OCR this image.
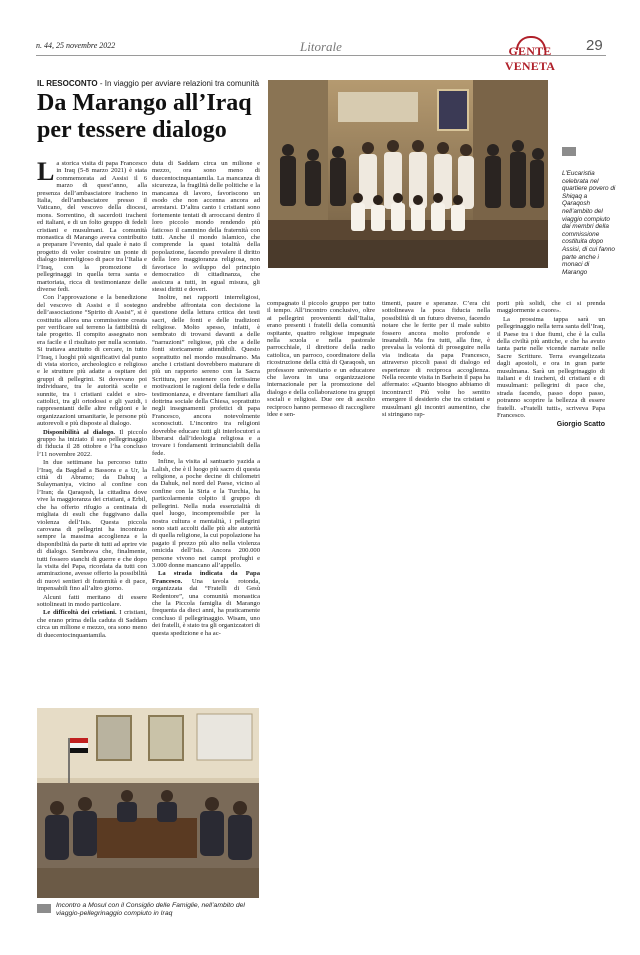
n. 44, 25 novembre 2022	Litorale	GENTE VENETA
29
IL RESOCONTO - In viaggio per avviare relazioni tra comunità
Da Marango all’Iraq per tessere dialogo

La storica visita di papa Francesco in Iraq (5-8 marzo 2021) è stata commemorata ad Assisi il 6 marzo di quest’anno, alla presenza dell’ambasciatore iracheno in Italia, dell’ambasciatore presso il Vaticano, del vescovo della diocesi, mons. Sorrentino, di sacerdoti iracheni ed italiani, e di un folto gruppo di fedeli cristiani e musulmani. La comunità monastica di Marango aveva contribuito a preparare l’evento, dal quale è nato il progetto di voler costruire un ponte di dialogo interreligioso di pace tra l’Italia e l’Iraq, con la promozione di pellegrinaggi in quella terra santa e martoriata, ricca di testimonianze delle diverse fedi.

Con l’approvazione e la benedizione del vescovo di Assisi e il sostegno dell’associazione “Spirito di Assisi”, si è costituita allora una commissione creata per verificare sul terreno la fattibilità di tale progetto. Il compito assegnato non era facile e il risultato per nulla scontato. Si trattava anzitutto di cercare, in tutto l’Iraq, i luoghi più significativi dal punto di vista storico, archeologico e religioso e le strutture più adatte a ospitare dei gruppi di pellegrini. Si dovevano poi individuare, tra le autorità scelte e sunnite, tra i cristiani caldei e siro-cattolici, tra gli ortodossi e gli yazidi, i rappresentanti delle altre religioni e le organizzazioni umanitarie, le persone più autorevoli e più disposte al dialogo.

Disponibilità al dialogo. Il piccolo gruppo ha iniziato il suo pellegrinaggio di fiducia il 28 ottobre e l’ha concluso l’11 novembre 2022.

In due settimane ha percorso tutto l’Iraq, da Bagdad a Bassora e a Ur, la città di Abramo; da Dahuq a Sulaymaniya, vicino al confine con l’Iran; da Qaraqosh, la cittadina dove vive la maggioranza dei cristiani, a Erbil, che ha offerto rifugio a centinaia di migliaia di esuli che fuggivano dalla violenza dell’Isis. Questa piccola carovana di pellegrini ha incontrato sempre la massima accoglienza e la disponibilità da parte di tutti ad aprire vie di dialogo. Sembrava che, finalmente, tutti fossero stanchi di guerre e che dopo la visita del Papa, ricordata da tutti con ammirazione, avesse offerto la possibilità di nuovi sentieri di fraternità e di pace, impensabili fino all’altro giorno.

Alcuni fatti meritano di essere sottolineati in modo particolare.

Le difficoltà dei cristiani. I cristiani, che erano prima della caduta di Saddam circa un milione e mezzo, ora sono meno di duecentocinquantamila.

duta di Saddam circa un milione e mezzo, ora sono meno di duecentocinquantamila. La mancanza di sicurezza, la fragilità delle politiche e la mancanza di lavoro, favoriscono un esodo che non accenna ancora ad arrestarsi. D’altra canto i cristiani sono fortemente tentati di arroccarsi dentro il loro piccolo mondo rendendo più faticoso il cammino della fraternità con tutti. Anche il mondo islamico, che comprende la quasi totalità della popolazione, facendo prevalere il diritto della loro maggioranza religiosa, non favorisce lo sviluppo del principio democratico di cittadinanza, che assicura a tutti, in egual misura, gli stessi diritti e doveri.

Inoltre, nei rapporti interreligiosi, andrebbe affrontata con decisione la questione della lettura critica dei testi sacri, delle fonti e delle tradizioni religiose. Molto spesso, infatti, è sembrato di trovarsi davanti a delle “narrazioni” religiose, più che a delle fonti storicamente attendibili. Questo soprattutto nel mondo musulmano. Ma anche i cristiani dovrebbero maturare di più un rapporto sereno con la Sacra Scrittura, per sostenere con fortissime motivazioni le ragioni della fede e della testimonianza, e diventare familiari alla dottrina sociale della Chiesa, soprattutto negli insegnamenti profetici di papa Francesco, ancora notevolmente sconosciuti. L’incontro tra religioni dovrebbe educare tutti gli interlocutori a liberarsi dall’ideologia religiosa e a trovare i fondamenti irrinunciabili della fede.

Infine, la visita al santuario yazida a Lalish, che è il luogo più sacro di questa religione, a poche decine di chilometri da Dahuk, nel nord del Paese, vicino al confine con la Siria e la Turchia, ha particolarmente colpito il gruppo di pellegrini. Nella nuda essenzialità di quel luogo, incomprensibile per la nostra cultura e mentalità, i pellegrini sono stati accolti dalle più alte autorità di quella religione, la cui popolazione ha pagato il prezzo più alto nella violenza omicida dell’Isis. Ancora 200.000 persone vivono nei campi profughi e 3.000 donne mancano all’appello.

La strada indicata da Papa Francesco. Una tavola rotonda, organizzata dai “Fratelli di Gesù Redentore”, una comunità monastica che la Piccola famiglia di Marango frequenta da dieci anni, ha praticamente concluso il pellegrinaggio. Wisam, uno dei fratelli, è stato tra gli organizzatori di questa spedizione e ha ac-

L’Eucaristia celebrata nel quartiere povero di Shiqaq a Qaraqosh nell’ambito del viaggio compiuto dai membri della commissione costituita dopo Assisi, di cui fanno parte anche i monaci di Marango

compagnato il piccolo gruppo per tutto il tempo. All’incontro conclusivo, oltre ai pellegrini provenienti dall’Italia, erano presenti i fratelli della comunità ospitante, quattro religiose impegnate nella scuola e nella pastorale parrocchiale, il direttore della radio cattolica, un parroco, coordinatore della ricostruzione della città di Qaraqosh, un professore universitario e un educatore che lavora in una organizzazione internazionale per la promozione del dialogo e della collaborazione tra gruppi sociali e religiosi. Due ore di ascolto reciproco hanno permesso di raccogliere idee e sen-

timenti, paure e speranze. C’era chi sottolineava la poca fiducia nella possibilità di un futuro diverso, facendo notare che le ferite per il male subito fossero ancora molto profonde e insanabili. Ma fra tutti, alla fine, è prevalsa la volontà di proseguire nella via indicata da papa Francesco, attraverso piccoli passi di dialogo ed esperienze di reciproca accoglienza. Nella recente visita in Barhein il papa ha affermato: «Quanto bisogno abbiamo di incontrarci! Più volte ho sentito emergere il desiderio che tra cristiani e musulmani gli incontri aumentino, che si stringano rap-

porti più solidi, che ci si prenda maggiormente a cuore».

La prossima tappa sarà un pellegrinaggio nella terra santa dell’Iraq, il Paese tra i due fiumi, che è la culla della civiltà più antiche, e che ha avuto tanta parte nelle vicende narrate nelle Sacre Scritture. Terra evangelizzata dagli apostoli, e ora in gran parte musulmana. Sarà un pellegrinaggio di italiani e di iracheni, di cristiani e di musulmani: pellegrini di pace che, strada facendo, passo dopo passo, potranno scoprire la bellezza di essere fratelli. «Fratelli tutti», scriveva Papa Francesco.

Giorgio Scatto
Incontro a Mosul con il Consiglio delle Famiglie, nell’ambito del viaggio-pellegrinaggio compiuto in Iraq
